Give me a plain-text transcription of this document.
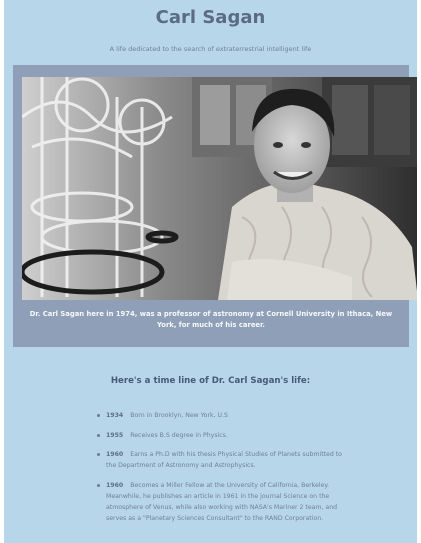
Carl Sagan
A life dedicated to the search of extraterrestrial intelligent life
Dr. Carl Sagan here in 1974, was a professor of astronomy at Cornell University in Ithaca, New York, for much of his career.
Here's a time line of Dr. Carl Sagan's life:
1934 Born in Brooklyn, New York, U.S
1955 Receives B.S degree in Physics.
1960 Earns a Ph.D with his thesis Physical Studies of Planets submitted to the Department of Astronomy and Astrophysics.
1960 Becomes a Miller Fellow at the University of California, Berkeley. Meanwhile, he publishes an article in 1961 in the journal Science on the atmosphere of Venus, while also working with NASA's Mariner 2 team, and serves as a "Planetary Sciences Consultant" to the RAND Corporation.
